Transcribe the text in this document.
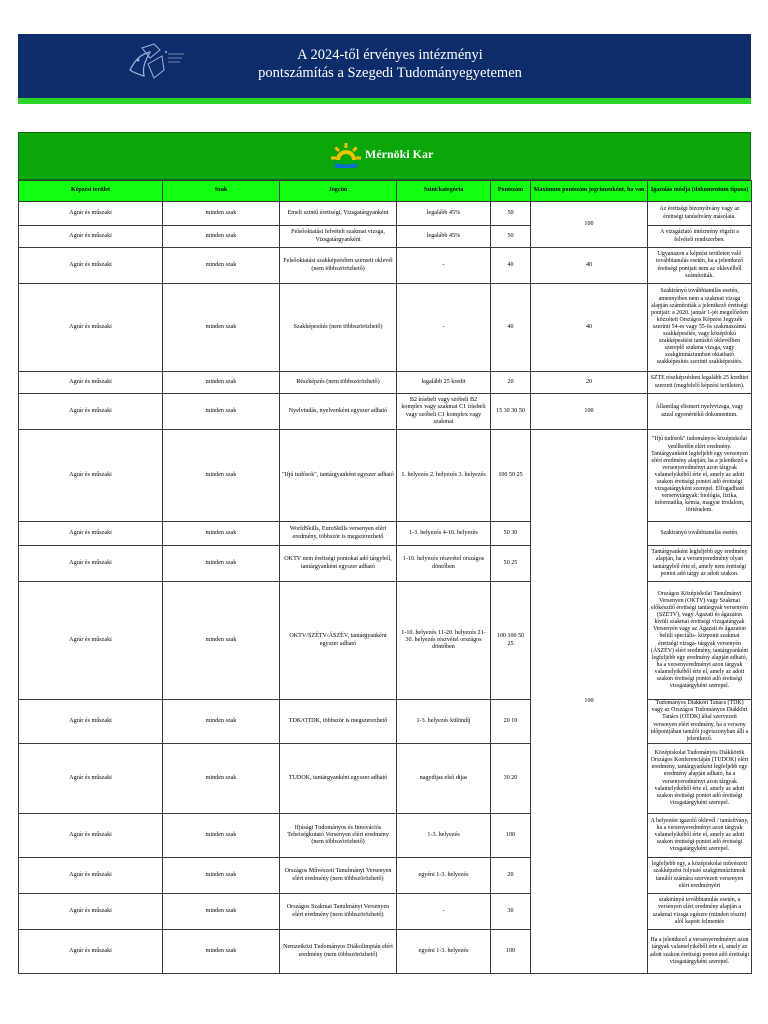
A 2024-től érvényes intézményi
pontszámítás a Szegedi Tudományegyetemen
Mérnöki Kar
Képzési terület	Szak	Jogcím	Szint/kategória	Pontszám	Maximum pontszám jogcímenként, ha van	Igazolás módja (dokumentum típusa)
Agrár és műszaki	minden szak	Emelt szintű érettségi, Vizsgatárgyanként	legalább 45%	50	100	Az érettségi bizonyítvány vagy az érettségi tanúsítvány másolata.
Agrár és műszaki	minden szak	Felsőoktatási felvételi szakmai vizsga, Vizsgatárgyanként	legalább 45%	50		A vizsgáztató intézmény rögzíti a felvételi rendszerben.
Agrár és műszaki	minden szak	Felsőoktatási szakképzésben szerzett oklevél (nem többszörözhető)	-	40	40	Ugyanazon a képzési területen való továbbtanulás esetén, ha a jelentkező érettségi pontjait nem az oklevélből számították.
Agrár és műszaki	minden szak	Szakképesítés (nem többszörözhető)	-	40	40	Szakirányú továbbtanulás esetén, amennyiben nem a szakmai vizsga alapján számították a jelentkező érettségi pontjait: a 2020. január 1-jét megelőzően közzétett Országos Képzési Jegyzék szerinti 54-es vagy 55-ös szakmaszámú szakképesítés, vagy középfokú szakképesítést tanúsító oklevélben szereplő szakma vizsga, vagy szakgimnáziumban oktatható szakképesítés szerinti szakképesítés.
Agrár és műszaki	minden szak	Részképzés (nem többszörözhető)	legalább 25 kredit	20	20	SZTE részképzésben legalább 25 kreditet szerzett (megfelelő képzési területen).
Agrár és műszaki	minden szak	Nyelvtudás, nyelvenként egyszer adható	B2 írásbeli vagy szóbeli B2 komplex vagy szakmai C1 írásbeli vagy szóbeli C1 komplex vagy szakmai	15 30 30 50	100	Államilag elismert nyelvvizsga, vagy azzal egyenértékű dokumentum.
Agrár és műszaki	minden szak	"Ifjú tudósok", tantárgyanként egyszer adható	1. helyezés 2. helyezés 3. helyezés	100 50 25	100	"Ifjú tudósok" tudományos középiskolai vetélkedőn elért eredmény. Tantárgyanként legfeljebb egy versenyen elért eredmény alapján, ha a jelentkező a versenyeredményt azon tárgyak valamelyikéből érte el, amely az adott szakon érettségi pontot adó érettségi vizsgatárgyként szerepel. Elfogadható versenytárgyak: biológia, fizika, informatika, kémia, magyar irodalom, történelem.
Agrár és műszaki	minden szak	WorldSkills, EuroSkills versenyen elért eredmény, többször is megszerezhető	1-3. helyezés 4-10. helyezés	50 30		Szakirányú továbbtanulás esetén.
Agrár és műszaki	minden szak	OKTV nem érettségi pontokat adó tárgyból, tantárgyanként egyszer adható	1-10. helyezés részvétel országos döntőben	50 25		Tantárgyanként legfeljebb egy eredmény alapján, ha a versenyeredmény olyan tantárgyból érte el, amely nem érettségi pontot adó tárgy az adott szakon.
Agrár és műszaki	minden szak	OKTV/SZÉTV/ÁSZÉV, tantárgyanként egyszer adható	1-10. helyezés 11-20. helyezés 21-30. helyezés részvétel országos döntőben	100 100 50 25		Országos Középiskolai Tanulmányi Versenyen (OKTV) vagy Szakmai előkészítő érettségi tantárgyak versenyén (SZÉTV), vagy Ágazati és ágazaton kívüli szakmai érettségi vizsgatárgyak Versenyén vagy az Ágazati és ágazaton belüli speciális- központi szakmai érettségi vizsga- tárgyak versenyén (ÁSZÉV) elért eredmény, tantárgyanként legfeljebb egy eredmény alapján adható, ha a versenyeredményt azon tárgyak valamelyikéből érte el, amely az adott szakon érettségi pontot adó érettségi vizsgatárgyként szerepel.
Agrár és műszaki	minden szak	TDK/OTDK, többször is megszerezhető	1-3. helyezés különdíj	20 10		Tudományos Diákköri Tanács (TDK) vagy az Országos Tudományos Diákköri Tanács (OTDK) által szervezett versenyen elért eredmény, ha a verseny időpontjában tanulói jogviszonyban állt a jelentkező.
Agrár és műszaki	minden szak	TUDOK, tantárgyanként egyszer adható	nagydíjas első díjas	30 20		Középiskolai Tudományos Diákkörök Országos Konferenciáján (TUDOK) elért eredmény, tantárgyanként legfeljebb egy eredmény alapján adható, ha a versenyeredményt azon tárgyak valamelyikéből érte el, amely az adott szakon érettségi pontot adó érettségi vizsgatárgyként szerepel.
Agrár és műszaki	minden szak	Ifjúsági Tudományos és Innovációs Tehetségkutató Versenyen elért eredmény (nem többszörözhető)	1-3. helyezés	100		A helyezést igazoló oklevél / tanúsítvány, ha a versenyeredményt azon tárgyak valamelyikéből érte el, amely az adott szakon érettségi pontot adó érettségi vizsgatárgyként szerepel.
Agrár és műszaki	minden szak	Országos Művészeti Tanulmányi Versenyen elért eredmény (nem többszörözhető)	egyéni 1-3. helyezés	20		legfeljebb egy, a középiskolai művészeti szakképzést folytató szakgimnáziumok tanulói számára szervezett versenyen elért eredményért
Agrár és műszaki	minden szak	Országos Szakmai Tanulmányi Versenyen elért eredmény (nem többszörözhető)	-	30		szakirányú továbbtanulás esetén, a versenyen elért eredmény alapján a szakmai vizsga egészre (minden részre) alól kapott felmentés
Agrár és műszaki	minden szak	Nemzetközi Tudományos Diákolimpián elért eredmény (nem többszörözhető)	egyéni 1-3. helyezés	100		Ha a jelentkező a versenyeredményt azon tárgyak valamelyikéből érte el, amely az adott szakon érettségi pontot adó érettségi vizsgatárgyként szerepel.
